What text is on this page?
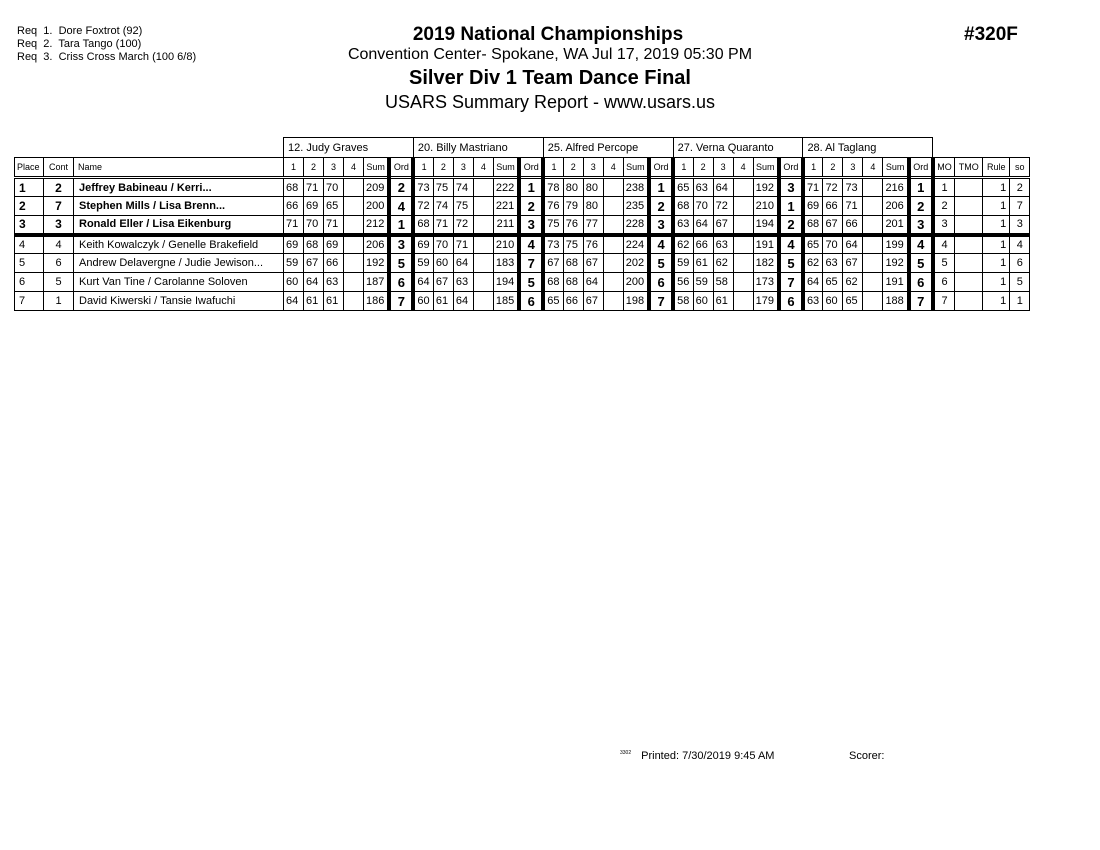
Req  1.  Dore Foxtrot (92)
Req  2.  Tara Tango (100)
Req  3.  Criss Cross March (100 6/8)
2019 National Championships
Convention Center- Spokane, WA Jul 17, 2019 05:30 PM
Silver Div 1 Team Dance Final
USARS Summary Report - www.usars.us
#320F
			12. Judy Graves						20. Billy Mastriano						25. Alfred Percope						27. Verna Quaranto						28. Al Taglang									
Place	Cont	Name	1	2	3	4	Sum	Ord	1	2	3	4	Sum	Ord	1	2	3	4	Sum	Ord	1	2	3	4	Sum	Ord	1	2	3	4	Sum	Ord	MO	TMO	Rule	so
1	2	Jeffrey Babineau / Kerri...	68	71	70		209	2	73	75	74		222	1	78	80	80		238	1	65	63	64		192	3	71	72	73		216	1	1		1	2
2	7	Stephen Mills / Lisa Brenn...	66	69	65		200	4	72	74	75		221	2	76	79	80		235	2	68	70	72		210	1	69	66	71		206	2	2		1	7
3	3	Ronald Eller / Lisa Eikenburg	71	70	71		212	1	68	71	72		211	3	75	76	77		228	3	63	64	67		194	2	68	67	66		201	3	3		1	3
4	4	Keith Kowalczyk / Genelle Brakefield	69	68	69		206	3	69	70	71		210	4	73	75	76		224	4	62	66	63		191	4	65	70	64		199	4	4		1	4
5	6	Andrew Delavergne / Judie Jewison...	59	67	66		192	5	59	60	64		183	7	67	68	67		202	5	59	61	62		182	5	62	63	67		192	5	5		1	6
6	5	Kurt Van Tine / Carolanne Soloven	60	64	63		187	6	64	67	63		194	5	68	68	64		200	6	56	59	58		173	7	64	65	62		191	6	6		1	5
7	1	David Kiwerski / Tansie Iwafuchi	64	61	61		186	7	60	61	64		185	6	65	66	67		198	7	58	60	61		179	6	63	60	65		188	7	7		1	1
$^{3302}$ Printed: 7/30/2019 9:45 AM	Scorer:
